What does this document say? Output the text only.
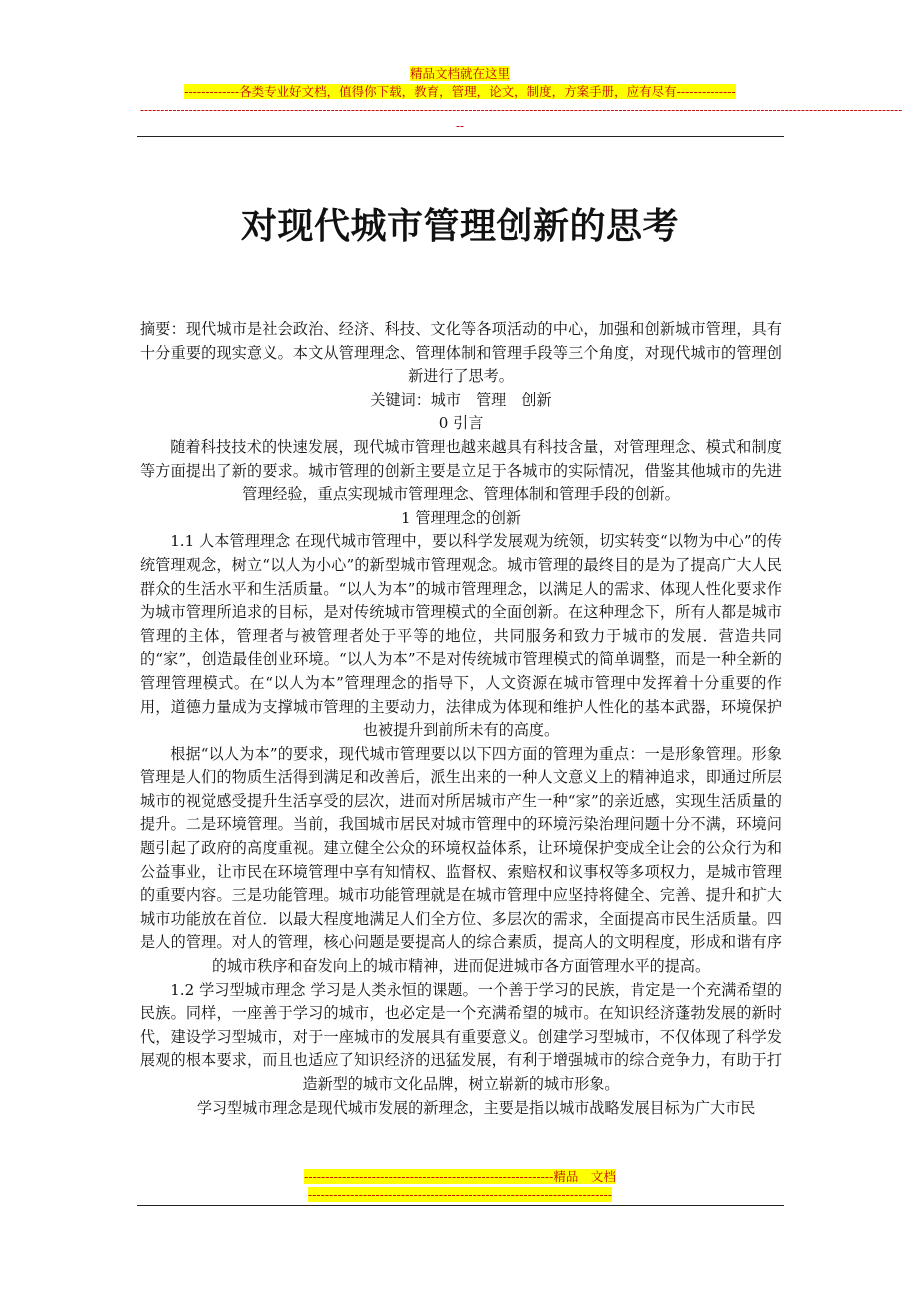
精品文档就在这里
-------------各类专业好文档，值得你下载，教育，管理，论文，制度，方案手册，应有尽有--------------
--------------------------------------------------------------------------------------------------------------------------------------------------------------------------------------------
--
对现代城市管理创新的思考

摘要：现代城市是社会政治、经济、科技、文化等各项活动的中心，加强和创新城市管理，具有十分重要的现实意义。本文从管理理念、管理体制和管理手段等三个角度，对现代城市的管理创新进行了思考。

关键词：城市　管理　创新

0 引言

随着科技技术的快速发展，现代城市管理也越来越具有科技含量，对管理理念、模式和制度等方面提出了新的要求。城市管理的创新主要是立足于各城市的实际情况，借鉴其他城市的先进管理经验，重点实现城市管理理念、管理体制和管理手段的创新。

1 管理理念的创新

1.1 人本管理理念 在现代城市管理中，要以科学发展观为统领，切实转变“以物为中心”的传统管理观念，树立“以人为小心”的新型城市管理观念。城市管理的最终目的是为了提高广大人民群众的生活水平和生活质量。“以人为本”的城市管理理念，以满足人的需求、体现人性化要求作为城市管理所追求的目标，是对传统城市管理模式的全面创新。在这种理念下，所有人都是城市管理的主体，管理者与被管理者处于平等的地位，共同服务和致力于城市的发展．营造共同的“家”，创造最佳创业环境。“以人为本”不是对传统城市管理模式的简单调整，而是一种全新的管理管理模式。在“以人为本”管理理念的指导下，人文资源在城市管理中发挥着十分重要的作用，道德力量成为支撑城市管理的主要动力，法律成为体现和维护人性化的基本武器，环境保护也被提升到前所未有的高度。

根据“以人为本”的要求，现代城市管理要以以下四方面的管理为重点：一是形象管理。形象管理是人们的物质生活得到满足和改善后，派生出来的一种人文意义上的精神追求，即通过所层城市的视觉感受提升生活享受的层次，进而对所居城市产生一种“家”的亲近感，实现生活质量的提升。二是环境管理。当前，我国城市居民对城市管理中的环境污染治理问题十分不满，环境问题引起了政府的高度重视。建立健全公众的环境权益体系，让环境保护变成全让会的公众行为和公益事业，让市民在环境管理中享有知情权、监督权、索赔权和议事权等多项权力，是城市管理的重要内容。三是功能管理。城市功能管理就是在城市管理中应坚持将健全、完善、提升和扩大城市功能放在首位．以最大程度地满足人们全方位、多层次的需求，全面提高市民生活质量。四是人的管理。对人的管理，核心问题是要提高人的综合素质，提高人的文明程度，形成和谐有序的城市秩序和奋发向上的城市精神，进而促进城市各方面管理水平的提高。

1.2 学习型城市理念 学习是人类永恒的课题。一个善于学习的民族，肯定是一个充满希望的民族。同样，一座善于学习的城市，也必定是一个充满希望的城市。在知识经济蓬勃发展的新时代，建设学习型城市，对于一座城市的发展具有重要意义。创建学习型城市，不仅体现了科学发展观的根本要求，而且也适应了知识经济的迅猛发展，有利于增强城市的综合竞争力，有助于打造新型的城市文化品牌，树立崭新的城市形象。

学习型城市理念是现代城市发展的新理念，主要是指以城市战略发展目标为广大市民

-----------------------------------------------------------精品　文档
------------------------------------------------------------------------
